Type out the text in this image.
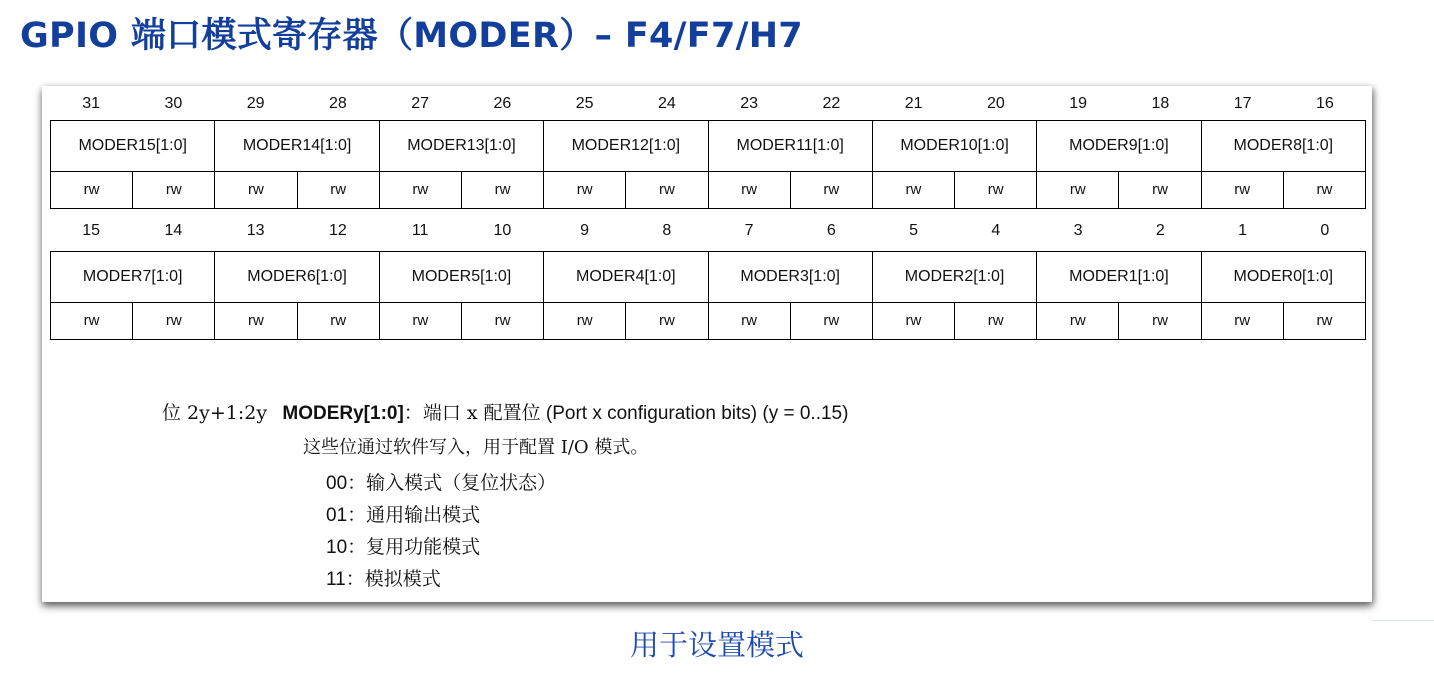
GPIO 端口模式寄存器（MODER）– F4/F7/H7
31	30	29	28	27	26	25	24	23	22	21	20	19	18	17	16
MODER15[1:0]	MODER14[1:0]	MODER13[1:0]	MODER12[1:0]	MODER11[1:0]	MODER10[1:0]	MODER9[1:0]	MODER8[1:0]
rw	rw	rw	rw	rw	rw	rw	rw	rw	rw	rw	rw	rw	rw	rw	rw
15	14	13	12	11	10	9	8	7	6	5	4	3	2	1	0
MODER7[1:0]	MODER6[1:0]	MODER5[1:0]	MODER4[1:0]	MODER3[1:0]	MODER2[1:0]	MODER1[1:0]	MODER0[1:0]
rw	rw	rw	rw	rw	rw	rw	rw	rw	rw	rw	rw	rw	rw	rw	rw
位 2y+1:2y MODERy[1:0]：端口 x 配置位 (Port x configuration bits) (y = 0..15)
这些位通过软件写入，用于配置 I/O 模式。
00：输入模式（复位状态）
01：通用输出模式
10：复用功能模式
11：模拟模式
用于设置模式
